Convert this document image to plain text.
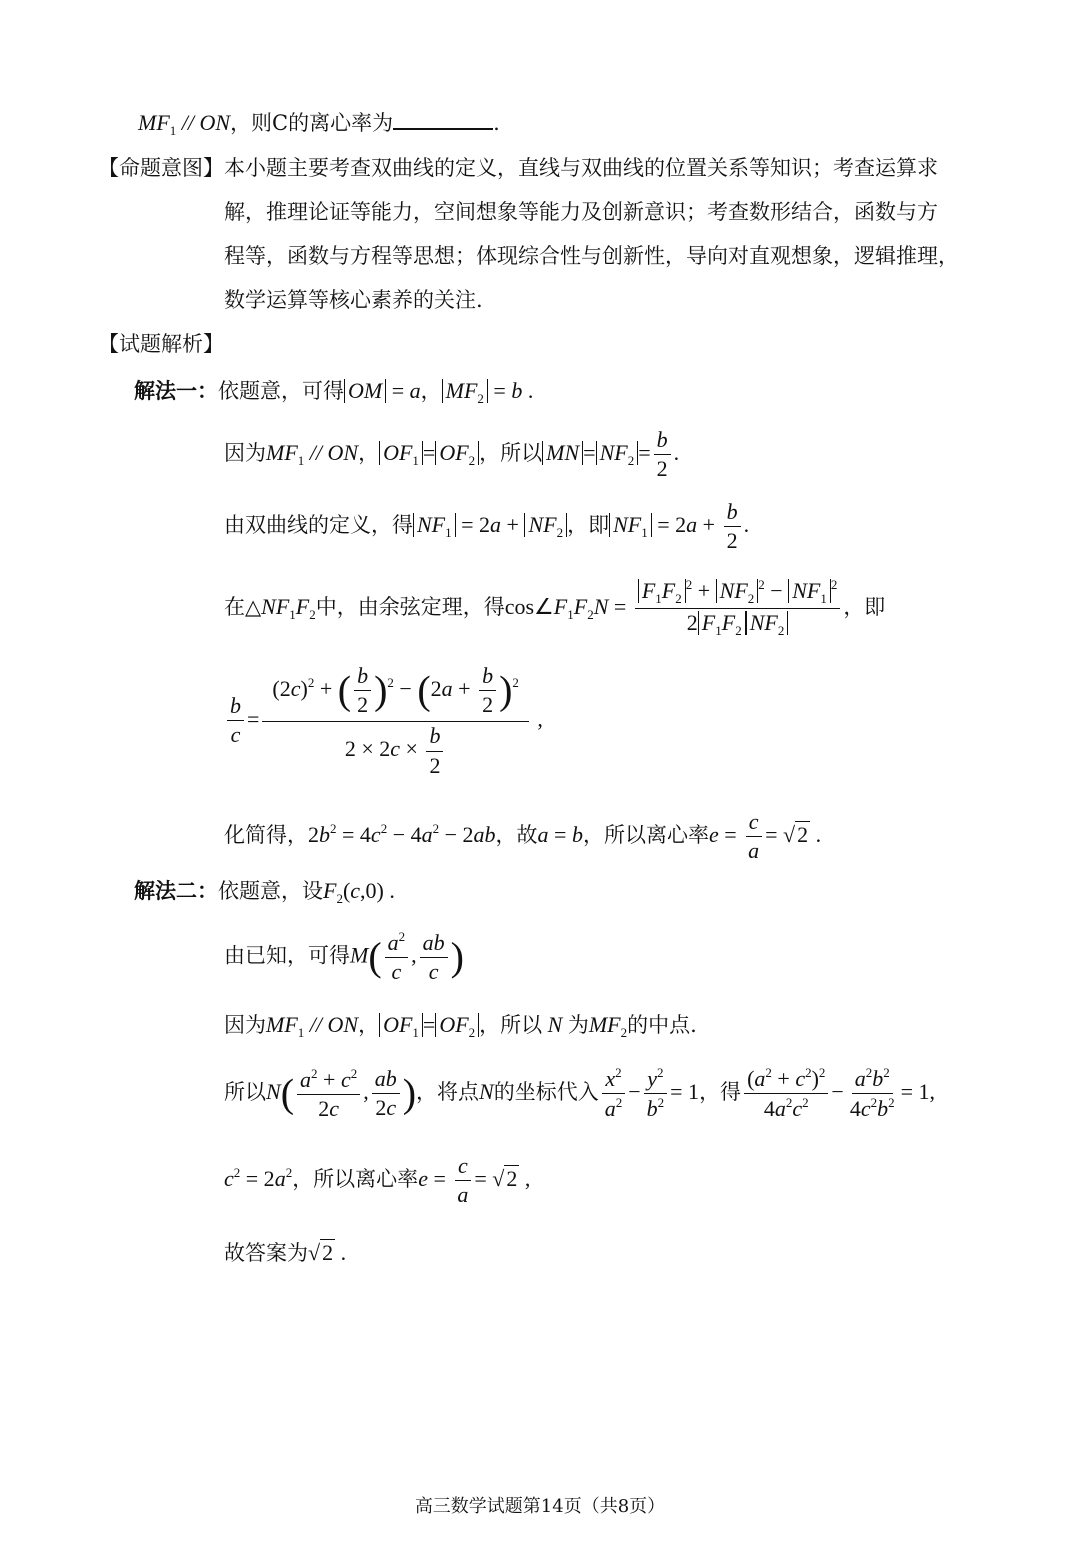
$MF_1$ // ON，则C的离心率为	.
【命题意图】 本小题主要考查双曲线的定义，直线与双曲线的位置关系等知识；考查运算求
解，推理论证等能力，空间想象等能力及创新意识；考查数形结合，函数与方
程等，函数与方程等思想；体现综合性与创新性，导向对直观想象，逻辑推理，
数学运算等核心素养的关注.
【试题解析】
解法一：依题意，可得 OM = a， $MF_2 = b$ .
因为$MF_1$ // ON， $OF_1 = OF_2$ ，所以 MN = $NF_2 = \frac{b}{2}$ .
由双曲线的定义，得 $NF_1 = 2a + NF_2$ ，即 $NF_1 = 2a + \frac{b}{2}$ .
在$\triangle NF_1F_2$中，由余弦定理，得$\cos\angle F_1F_2N = \frac{F_1F_2^2 + NF_2^2 - NF_1^2}{2 F_1F_2 NF_2}$ ，即
$\frac{b}{c} = \frac{(2c)^2 + ( \frac{b}{2} )^2 - (2a + \frac{b}{2} )^2}{2 \times 2c \times \frac{b}{2}}$ ,
化简得，$2b^2 = 4c^2 - 4a^2 - 2ab$，故a = b，所以离心率$e = \frac{c}{a} = √2$ .
解法二：依题意，设$F_2(c,0)$ .
由已知，可得$M( \frac{a^2}{c}$ , $\frac{ab}{c}$ )
因为$MF_1$ // ON， $OF_1 = OF_2$ ，所以 N 为$MF_2$的中点.
所以$N( \frac{a^2 + c^2}{2c}$ , $\frac{ab}{2c}$ )，将点N的坐标代入 $\frac{x^2}{a^2} - \frac{y^2}{b^2} = 1$，得 $\frac{(a^2 + c^2)^2}{4a^2c^2} - \frac{a^2b^2}{4c^2b^2} = 1$,
$c^2 = 2a^2$，所以离心率$e = \frac{c}{a} = √2$ ,
故答案为√2 .
高三数学试题第14页（共8页）
